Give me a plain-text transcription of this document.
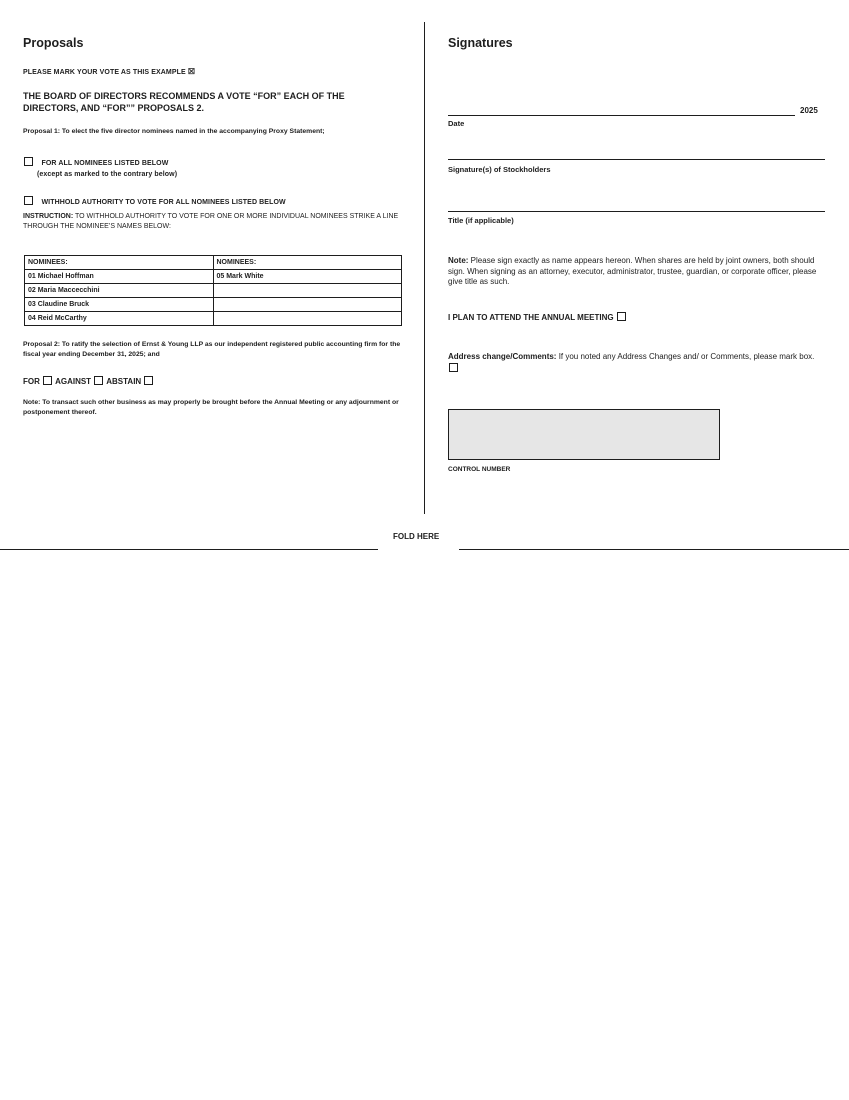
Proposals
PLEASE MARK YOUR VOTE AS THIS EXAMPLE ☒
THE BOARD OF DIRECTORS RECOMMENDS A VOTE “FOR” EACH OF THE DIRECTORS, AND “FOR”” PROPOSALS 2.
Proposal 1: To elect the five director nominees named in the accompanying Proxy Statement;
FOR ALL NOMINEES LISTED BELOW
(except as marked to the contrary below)
WITHHOLD AUTHORITY TO VOTE FOR ALL NOMINEES LISTED BELOW
INSTRUCTION: TO WITHHOLD AUTHORITY TO VOTE FOR ONE OR MORE INDIVIDUAL NOMINEES STRIKE A LINE THROUGH THE NOMINEE’S NAMES BELOW:
NOMINEES:	NOMINEES:
01 Michael Hoffman	05 Mark White
02 Maria Maccecchini	
03 Claudine Bruck	
04 Reid McCarthy	
Proposal 2: To ratify the selection of Ernst & Young LLP as our independent registered public accounting firm for the fiscal year ending December 31, 2025; and
FOR AGAINST ABSTAIN
Note: To transact such other business as may properly be brought before the Annual Meeting or any adjournment or postponement thereof.
Signatures
2025
Date
Signature(s) of Stockholders
Title (if applicable)
Note: Please sign exactly as name appears hereon. When shares are held by joint owners, both should sign. When signing as an attorney, executor, administrator, trustee, guardian, or corporate officer, please give title as such.
I PLAN TO ATTEND THE ANNUAL MEETING
Address change/Comments: If you noted any Address Changes and/ or Comments, please mark box.
CONTROL NUMBER
FOLD HERE
